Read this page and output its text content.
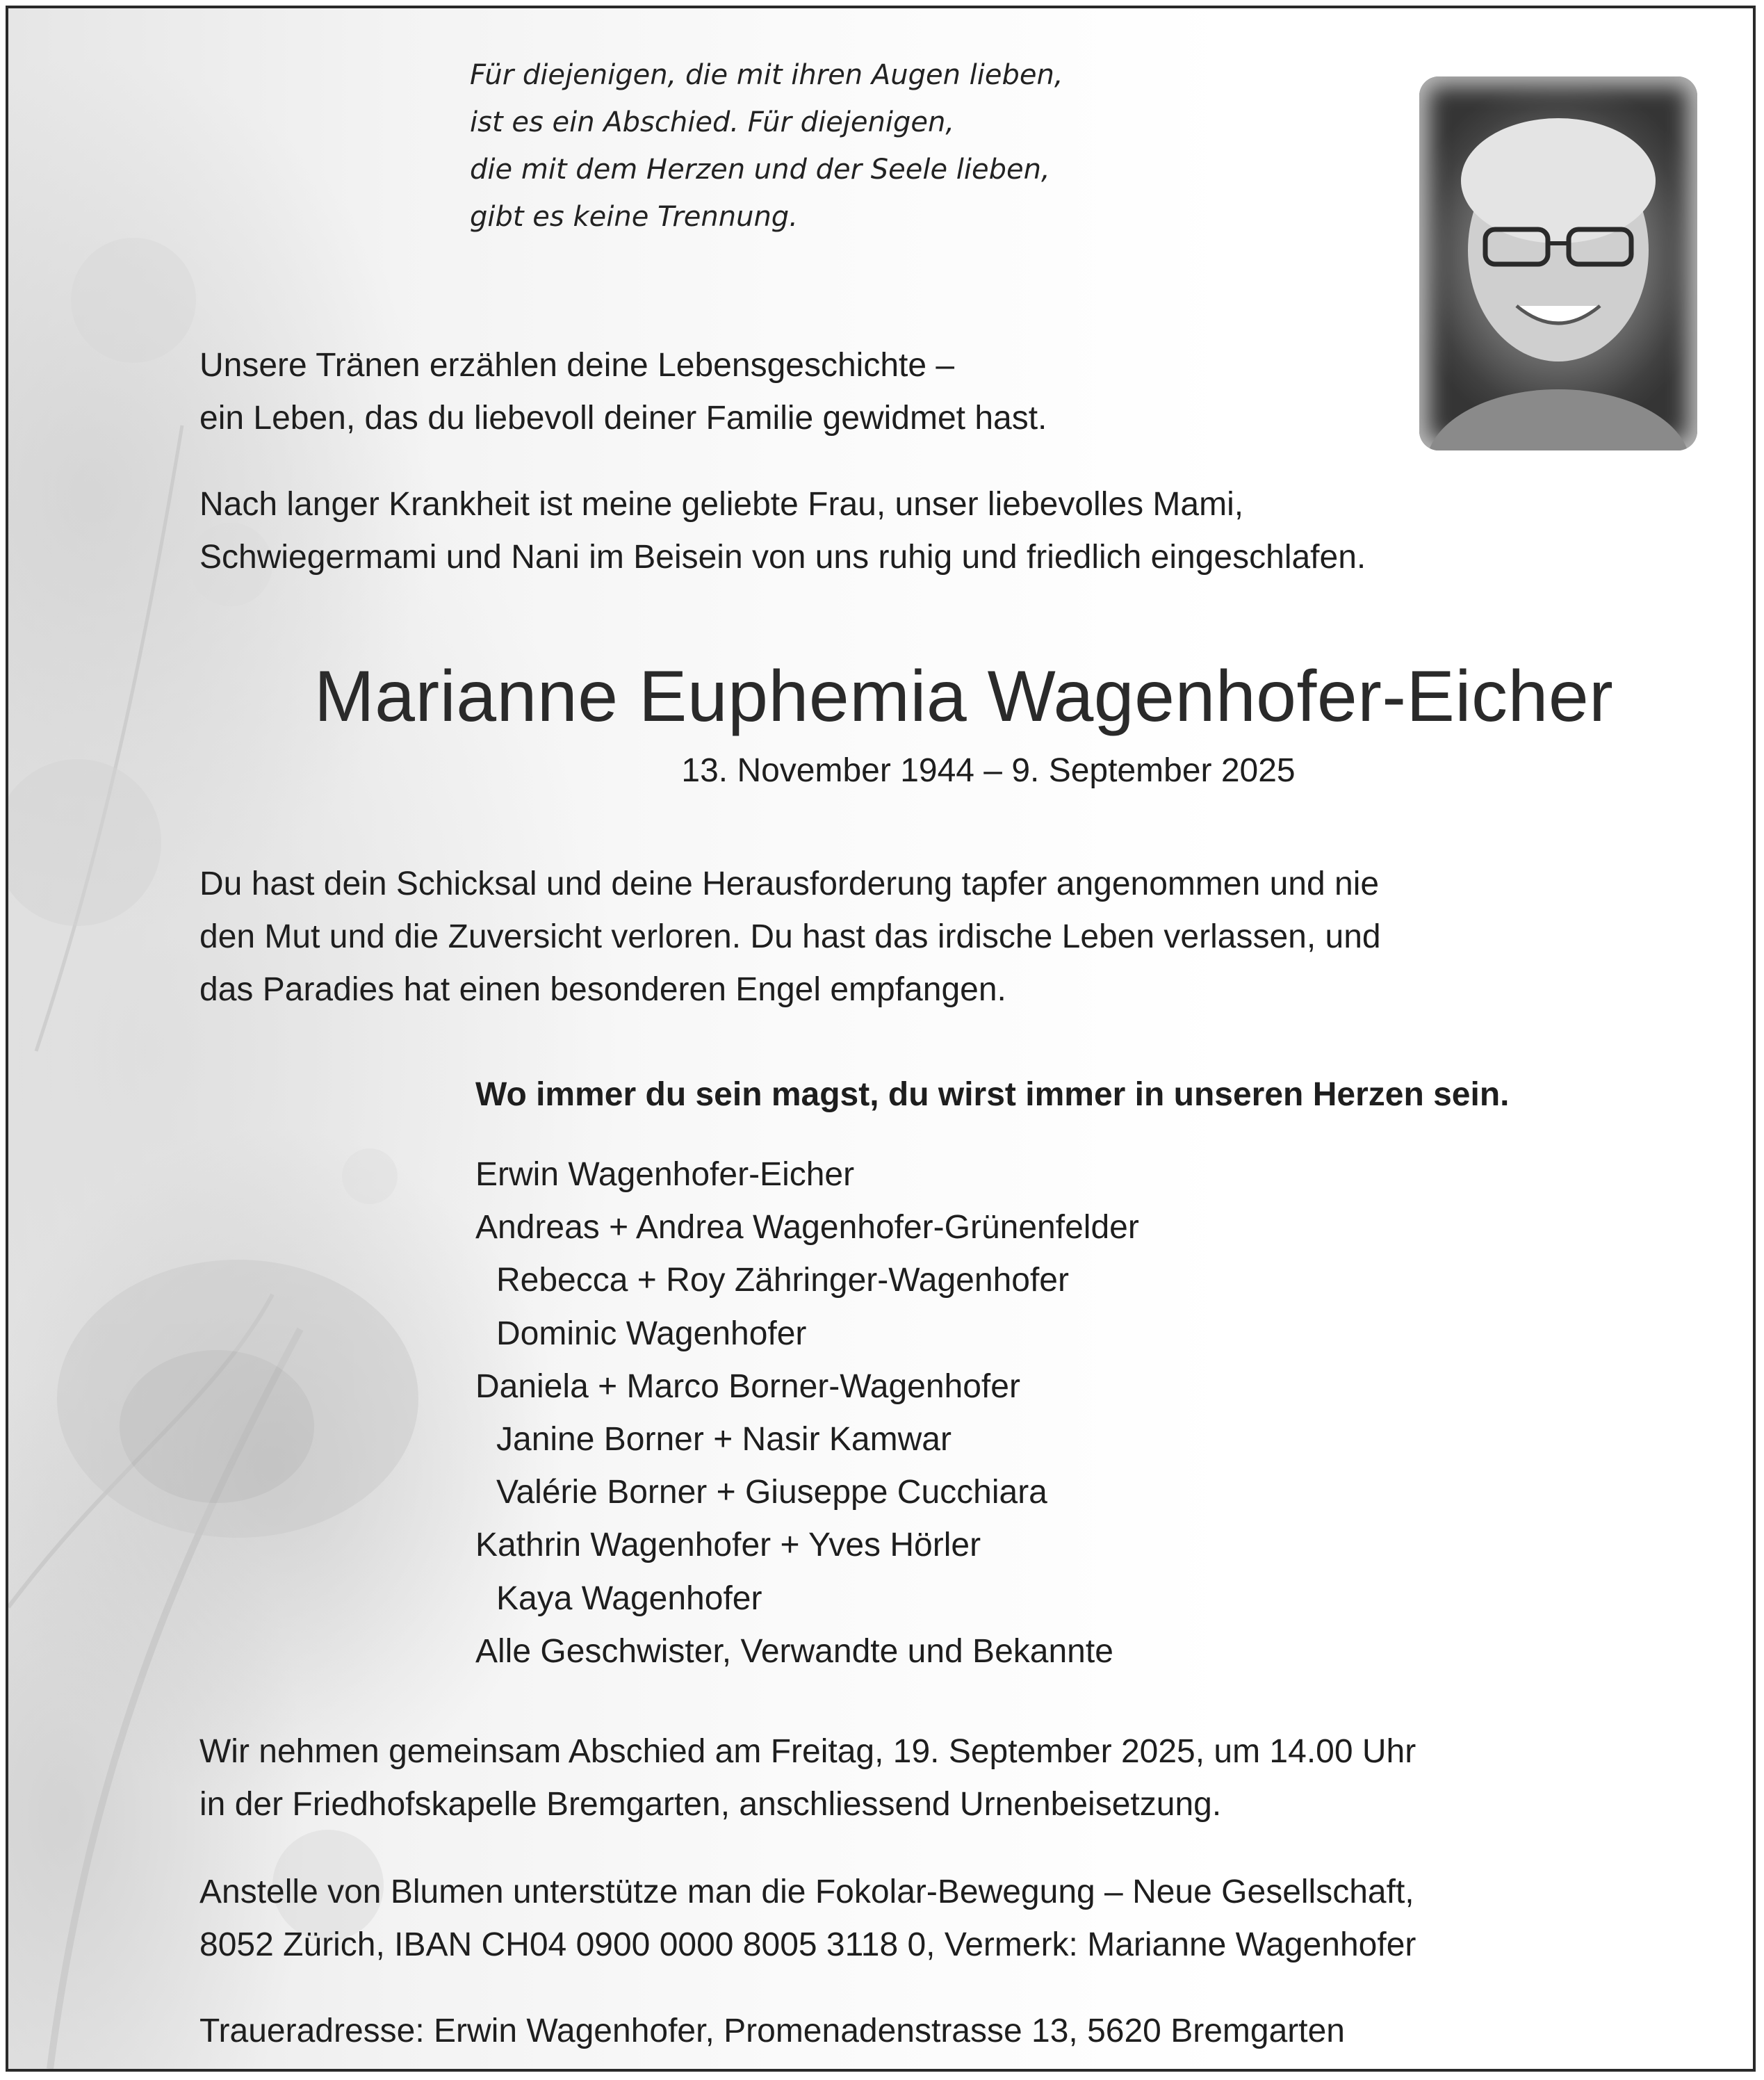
Für diejenigen, die mit ihren Augen lieben,
ist es ein Abschied. Für diejenigen,
die mit dem Herzen und der Seele lieben,
gibt es keine Trennung.
Unsere Tränen erzählen deine Lebensgeschichte –
ein Leben, das du liebevoll deiner Familie gewidmet hast.
Nach langer Krankheit ist meine geliebte Frau, unser liebevolles Mami,
Schwiegermami und Nani im Beisein von uns ruhig und friedlich eingeschlafen.
Marianne Euphemia Wagenhofer-Eicher
13. November 1944 – 9. September 2025
Du hast dein Schicksal und deine Herausforderung tapfer angenommen und nie
den Mut und die Zuversicht verloren. Du hast das irdische Leben verlassen, und
das Paradies hat einen besonderen Engel empfangen.
Wo immer du sein magst, du wirst immer in unseren Herzen sein.
Erwin Wagenhofer-Eicher
Andreas + Andrea Wagenhofer-Grünenfelder
Rebecca + Roy Zähringer-Wagenhofer
Dominic Wagenhofer
Daniela + Marco Borner-Wagenhofer
Janine Borner + Nasir Kamwar
Valérie Borner + Giuseppe Cucchiara
Kathrin Wagenhofer + Yves Hörler
Kaya Wagenhofer
Alle Geschwister, Verwandte und Bekannte
Wir nehmen gemeinsam Abschied am Freitag, 19. September 2025, um 14.00 Uhr
in der Friedhofskapelle Bremgarten, anschliessend Urnenbeisetzung.
Anstelle von Blumen unterstütze man die Fokolar-Bewegung – Neue Gesellschaft,
8052 Zürich, IBAN CH04 0900 0000 8005 3118 0, Vermerk: Marianne Wagenhofer
Traueradresse: Erwin Wagenhofer, Promenadenstrasse 13, 5620 Bremgarten
